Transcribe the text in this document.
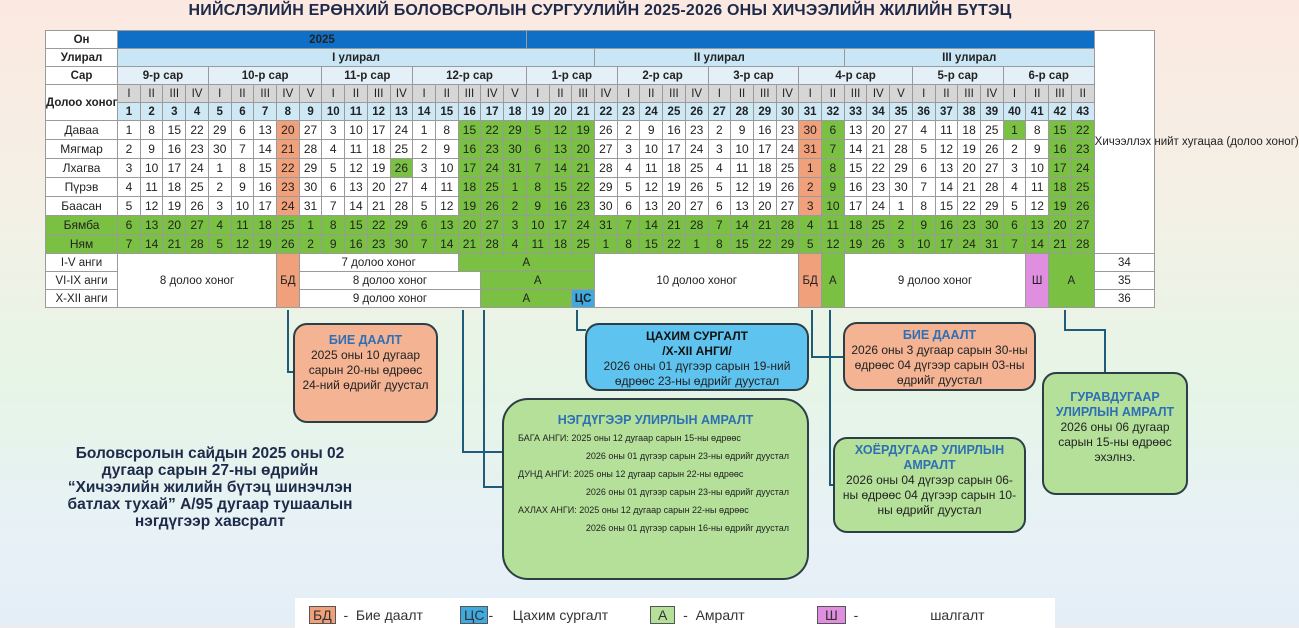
НИЙСЛЭЛИЙН ЕРӨНХИЙ БОЛОВСРОЛЫН СУРГУУЛИЙН 2025-2026 ОНЫ ХИЧЭЭЛИЙН ЖИЛИЙН БҮТЭЦ
Он	2025																																											Хичээллэх нийт хугацаа (долоо хоног)
Улирал	I улирал																					II улирал											III улирал											
Сар	9-р сар				10-р сар					11-р сар				12-р сар					1-р сар				2-р сар				3-р сар				4-р сар					5-р сар				6-р сар				
Долоо хоног	I	II	III	IV	I	II	III	IV	V	I	II	III	IV	I	II	III	IV	V	I	II	III	IV	I	II	III	IV	I	II	III	IV	I	II	III	IV	V	I	II	III	IV	I	II	III	II	
	1	2	3	4	5	6	7	8	9	10	11	12	13	14	15	16	17	18	19	20	21	22	23	24	25	26	27	28	29	30	31	32	33	34	35	36	37	38	39	40	41	42	43	
Даваа	1	8	15	22	29	6	13	20	27	3	10	17	24	1	8	15	22	29	5	12	19	26	2	9	16	23	2	9	16	23	30	6	13	20	27	4	11	18	25	1	8	15	22	
Мягмар	2	9	16	23	30	7	14	21	28	4	11	18	25	2	9	16	23	30	6	13	20	27	3	10	17	24	3	10	17	24	31	7	14	21	28	5	12	19	26	2	9	16	23	
Лхагва	3	10	17	24	1	8	15	22	29	5	12	19	26	3	10	17	24	31	7	14	21	28	4	11	18	25	4	11	18	25	1	8	15	22	29	6	13	20	27	3	10	17	24	
Пүрэв	4	11	18	25	2	9	16	23	30	6	13	20	27	4	11	18	25	1	8	15	22	29	5	12	19	26	5	12	19	26	2	9	16	23	30	7	14	21	28	4	11	18	25	
Баасан	5	12	19	26	3	10	17	24	31	7	14	21	28	5	12	19	26	2	9	16	23	30	6	13	20	27	6	13	20	27	3	10	17	24	1	8	15	22	29	5	12	19	26	
Бямба	6	13	20	27	4	11	18	25	1	8	15	22	29	6	13	20	27	3	10	17	24	31	7	14	21	28	7	14	21	28	4	11	18	25	2	9	16	23	30	6	13	20	27	
Ням	7	14	21	28	5	12	19	26	2	9	16	23	30	7	14	21	28	4	11	18	25	1	8	15	22	1	8	15	22	29	5	12	19	26	3	10	17	24	31	7	14	21	28	
I-V анги	8 долоо хоног							БД	7 долоо хоног							А						10 долоо хоног									БД	А	9 долоо хоног								Ш	А		34
VI-IX анги									8 долоо хоног								А																											35
X-XII анги									9 долоо хоног								А				ЦС																							36
БИЕ ДААЛТ
2025 оны 10 дугаар сарын 20-ны өдрөөс 24-ний өдрийг дуустал
ЦАХИМ СУРГАЛТ
/X-XII АНГИ/
2026 оны 01 дүгээр сарын 19-ний өдрөөс 23-ны өдрийг дуустал
НЭГДҮГЭЭР УЛИРЛЫН АМРАЛТ
БАГА АНГИ: 2025 оны 12 дугаар сарын 15-ны өдрөөс
2026 оны 01 дүгээр сарын 23-ны өдрийг дуустал
ДУНД АНГИ: 2025 оны 12 дугаар сарын 22-ны өдрөөс
2026 оны 01 дүгээр сарын 23-ны өдрийг дуустал
АХЛАХ АНГИ: 2025 оны 12 дугаар сарын 22-ны өдрөөс
2026 оны 01 дүгээр сарын 16-ны өдрийг дуустал
БИЕ ДААЛТ
2026 оны 3 дугаар сарын 30-ны өдрөөс 04 дүгээр сарын 03-ны өдрийг дуустал
ХОЁРДУГААР УЛИРЛЫН АМРАЛТ
2026 оны 04 дүгээр сарын 06-ны өдрөөс 04 дүгээр сарын 10-ны өдрийг дуустал
ГУРАВДУГААР УЛИРЛЫН АМРАЛТ
2026 оны 06 дугаар сарын 15-ны өдрөөс эхэлнэ.
Боловсролын сайдын 2025 оны 02 дугаар сарын 27-ны өдрийн “Хичээлийн жилийн бүтэц шинэчлэн батлах тухай” А/95 дугаар тушаалын нэгдүгээр хавсралт
БД  -  Бие даалт	ЦС -     Цахим сургалт	А  -  Амралт	Ш  -	шалгалт
